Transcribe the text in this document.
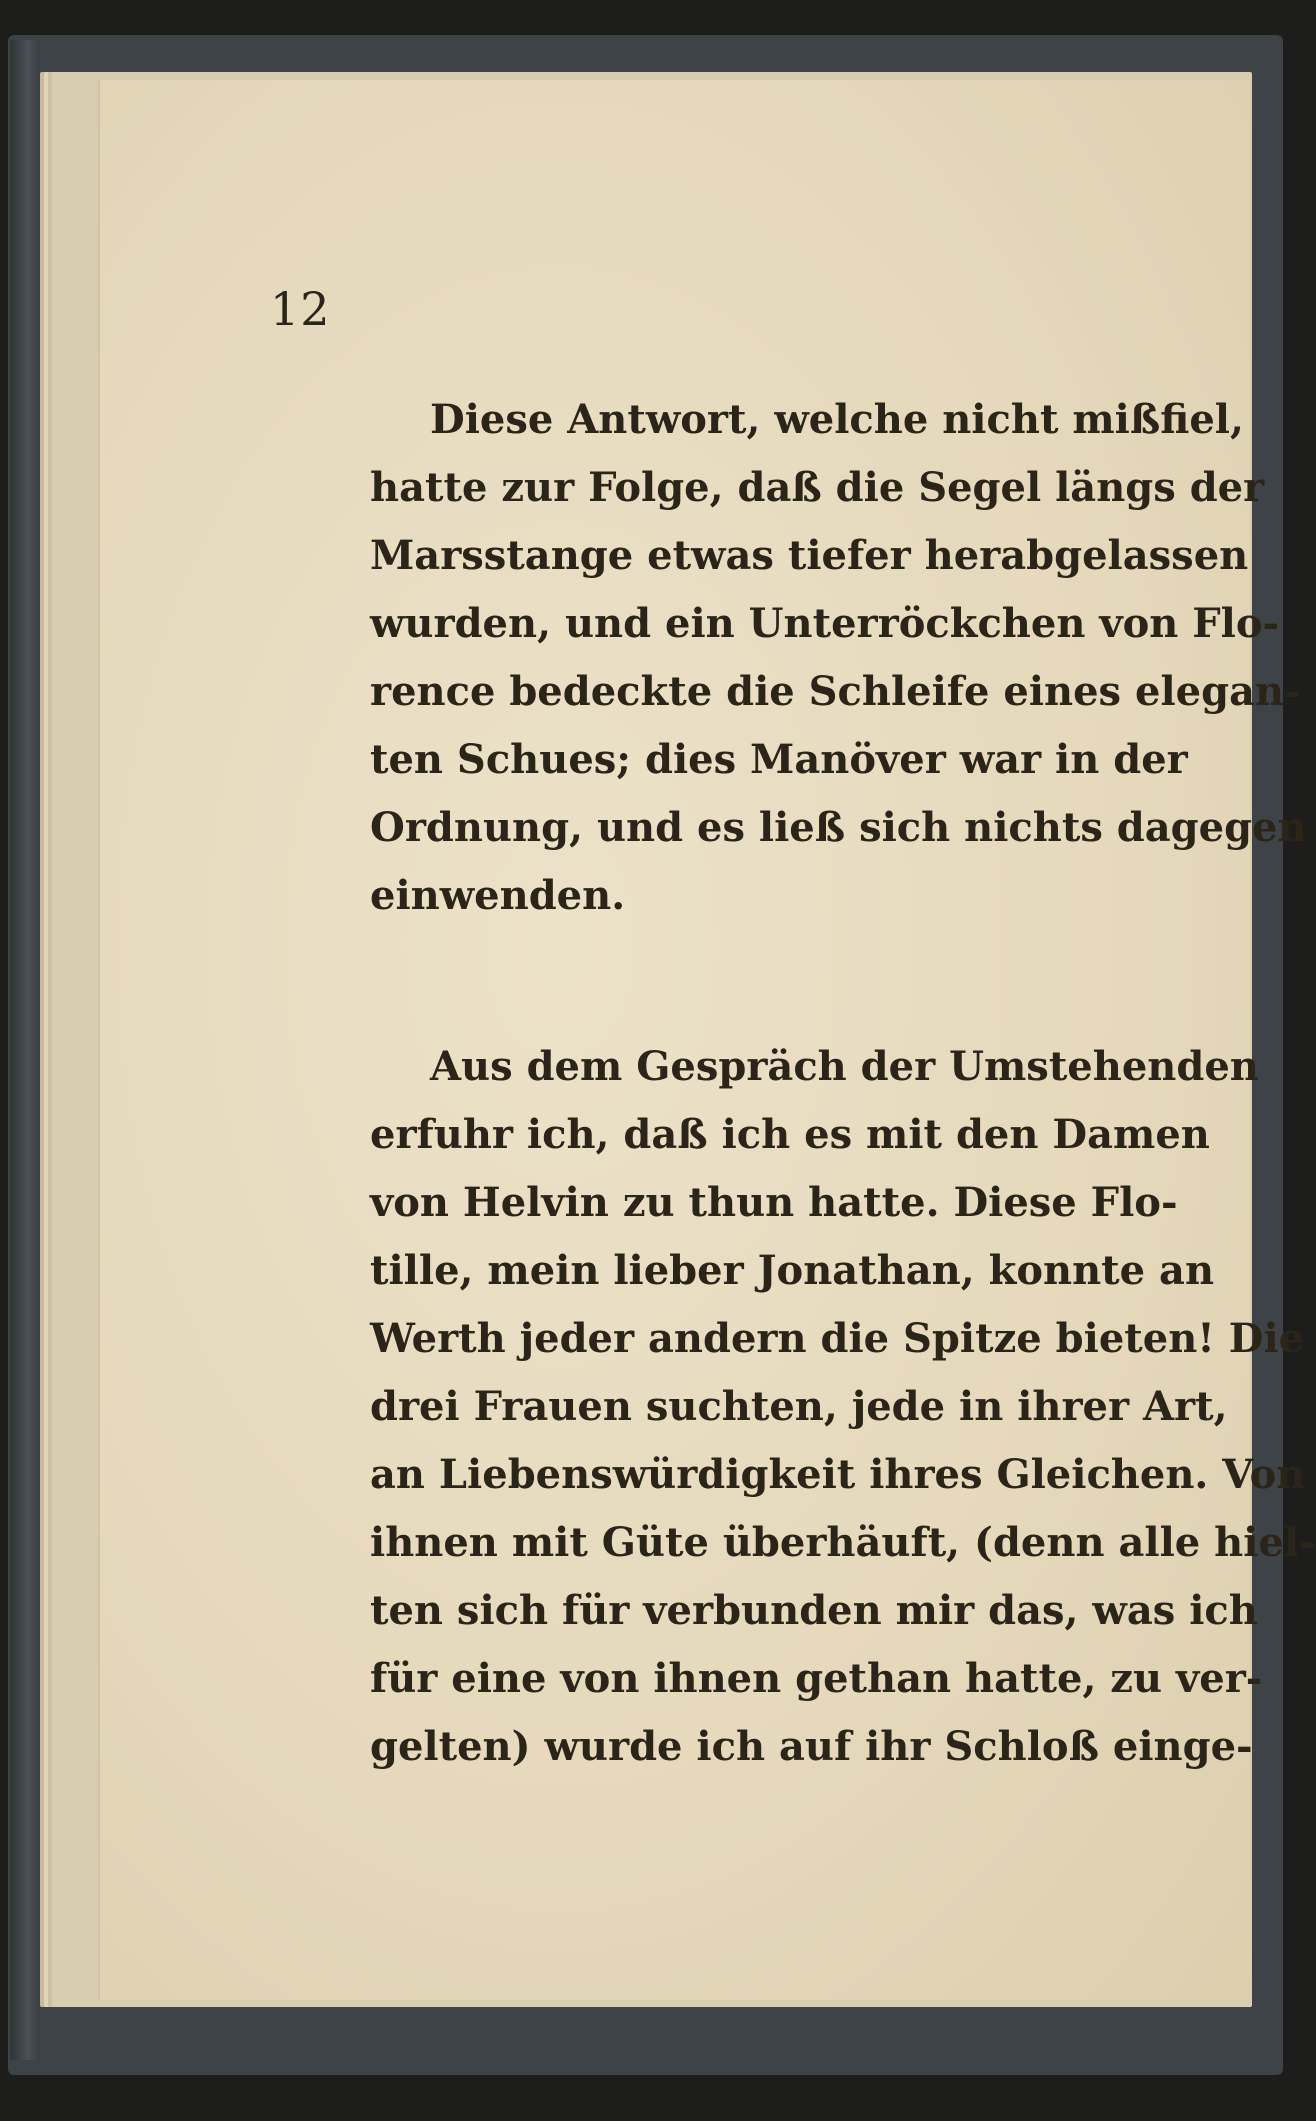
12
Diese Antwort, welche nicht mißfiel,
hatte zur Folge, daß die Segel längs der
Marsstange etwas tiefer herabgelassen
wurden, und ein Unterröckchen von Flo-
rence bedeckte die Schleife eines elegan-
ten Schues; dies Manöver war in der
Ordnung, und es ließ sich nichts dagegen
einwenden.
Aus dem Gespräch der Umstehenden
erfuhr ich, daß ich es mit den Damen
von Helvin zu thun hatte. Diese Flo-
tille, mein lieber Jonathan, konnte an
Werth jeder andern die Spitze bieten! Die
drei Frauen suchten, jede in ihrer Art,
an Liebenswürdigkeit ihres Gleichen. Von
ihnen mit Güte überhäuft, (denn alle hiel-
ten sich für verbunden mir das, was ich
für eine von ihnen gethan hatte, zu ver-
gelten) wurde ich auf ihr Schloß einge-
